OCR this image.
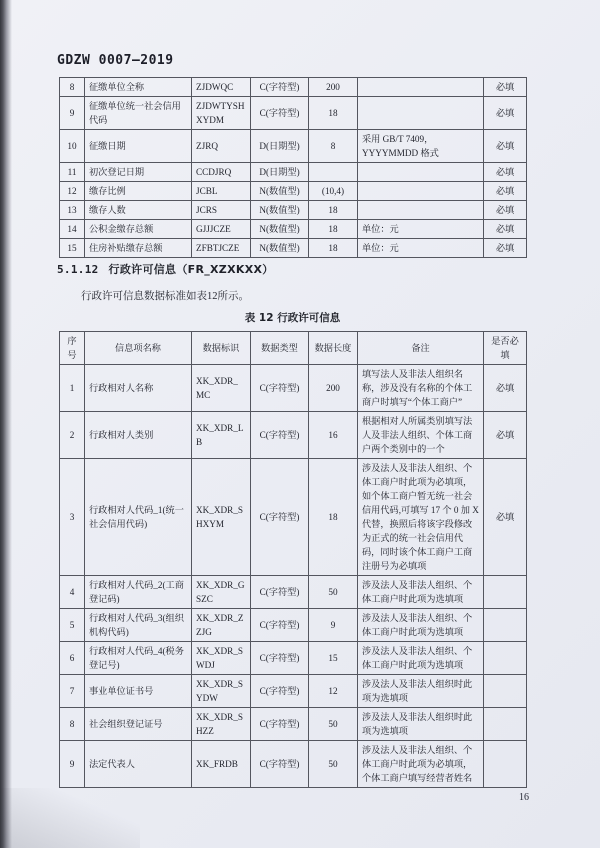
GDZW 0007—2019
8	征缴单位全称	ZJDWQC	C(字符型)	200		必填
9	征缴单位统一社会信用代码	ZJDWTYSHXYDM	C(字符型)	18		必填
10	征缴日期	ZJRQ	D(日期型)	8	采用 GB/T 7409，YYYYMMDD 格式	必填
11	初次登记日期	CCDJRQ	D(日期型)			必填
12	缴存比例	JCBL	N(数值型)	(10,4)		必填
13	缴存人数	JCRS	N(数值型)	18		必填
14	公积金缴存总额	GJJJCZE	N(数值型)	18	单位：元	必填
15	住房补贴缴存总额	ZFBTJCZE	N(数值型)	18	单位：元	必填
5.1.12 行政许可信息（FR_XZXKXX）
行政许可信息数据标准如表12所示。
表 12 行政许可信息
序号	信息项名称	数据标识	数据类型	数据长度	备注	是否必填
1	行政相对人名称	XK_XDR_MC	C(字符型)	200	填写法人及非法人组织名称，涉及没有名称的个体工商户时填写“个体工商户”	必填
2	行政相对人类别	XK_XDR_LB	C(字符型)	16	根据相对人所属类别填写法人及非法人组织、个体工商户两个类别中的一个	必填
3	行政相对人代码_1(统一社会信用代码)	XK_XDR_SHXYM	C(字符型)	18	涉及法人及非法人组织、个体工商户时此项为必填项，如个体工商户暂无统一社会信用代码,可填写 17 个 0 加 X 代替，换照后将该字段修改为正式的统一社会信用代码，同时该个体工商户工商注册号为必填项	必填
4	行政相对人代码_2(工商登记码)	XK_XDR_GSZC	C(字符型)	50	涉及法人及非法人组织、个体工商户时此项为选填项	
5	行政相对人代码_3(组织机构代码)	XK_XDR_ZZJG	C(字符型)	9	涉及法人及非法人组织、个体工商户时此项为选填项	
6	行政相对人代码_4(税务登记号)	XK_XDR_SWDJ	C(字符型)	15	涉及法人及非法人组织、个体工商户时此项为选填项	
7	事业单位证书号	XK_XDR_SYDW	C(字符型)	12	涉及法人及非法人组织时此项为选填项	
8	社会组织登记证号	XK_XDR_SHZZ	C(字符型)	50	涉及法人及非法人组织时此项为选填项	
9	法定代表人	XK_FRDB	C(字符型)	50	涉及法人及非法人组织、个体工商户时此项为必填项，个体工商户填写经营者姓名	
16
